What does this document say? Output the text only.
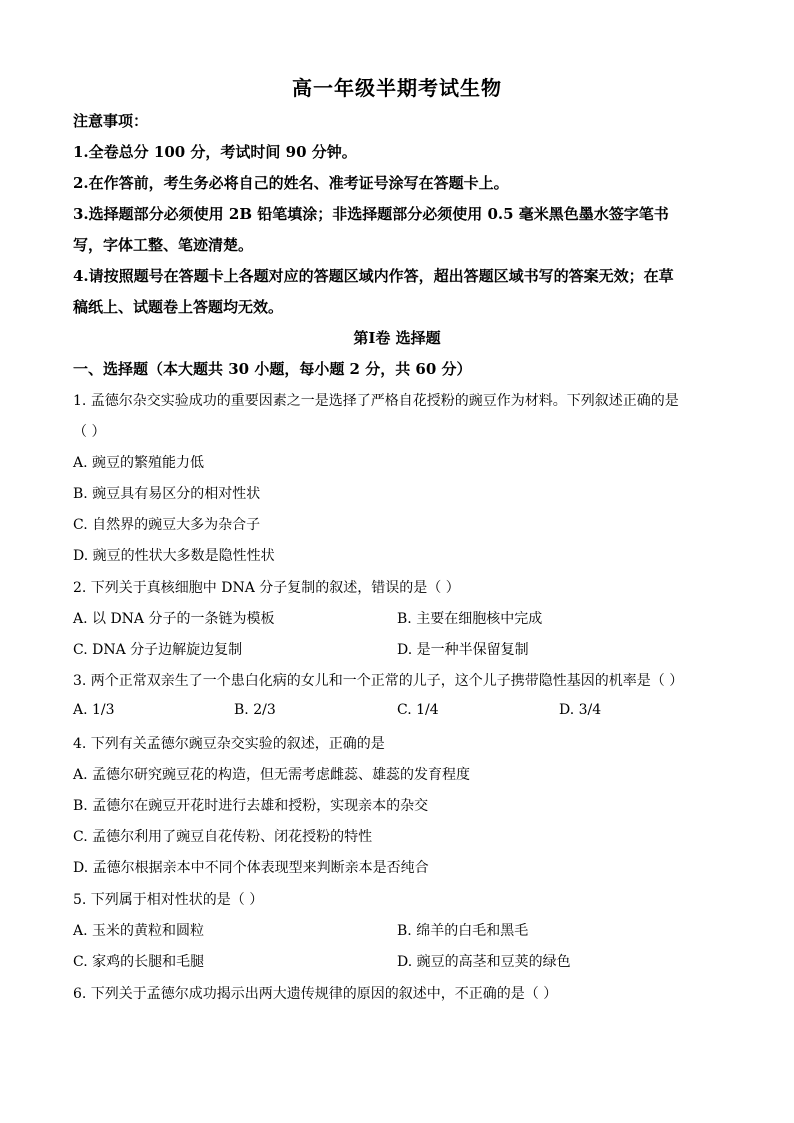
高一年级半期考试生物
注意事项：
1.全卷总分 100 分，考试时间 90 分钟。
2.在作答前，考生务必将自己的姓名、准考证号涂写在答题卡上。
3.选择题部分必须使用 2B 铅笔填涂；非选择题部分必须使用 0.5 毫米黑色墨水签字笔书
写，字体工整、笔迹清楚。
4.请按照题号在答题卡上各题对应的答题区域内作答，超出答题区域书写的答案无效；在草
稿纸上、试题卷上答题均无效。
第Ⅰ卷 选择题
一、选择题（本大题共 30 小题，每小题 2 分，共 60 分）
1. 孟德尔杂交实验成功的重要因素之一是选择了严格自花授粉的豌豆作为材料。下列叙述正确的是
（ ）
A. 豌豆的繁殖能力低
B. 豌豆具有易区分的相对性状
C. 自然界的豌豆大多为杂合子
D. 豌豆的性状大多数是隐性性状
2. 下列关于真核细胞中 DNA 分子复制的叙述，错误的是（ ）
A. 以 DNA 分子的一条链为模板	B. 主要在细胞核中完成
C. DNA 分子边解旋边复制	D. 是一种半保留复制
3. 两个正常双亲生了一个患白化病的女儿和一个正常的儿子，这个儿子携带隐性基因的机率是（ ）
A. 1/3	B. 2/3	C. 1/4	D. 3/4
4. 下列有关孟德尔豌豆杂交实验的叙述，正确的是
A. 孟德尔研究豌豆花的构造，但无需考虑雌蕊、雄蕊的发育程度
B. 孟德尔在豌豆开花时进行去雄和授粉，实现亲本的杂交
C. 孟德尔利用了豌豆自花传粉、闭花授粉的特性
D. 孟德尔根据亲本中不同个体表现型来判断亲本是否纯合
5. 下列属于相对性状的是（ ）
A. 玉米的黄粒和圆粒	B. 绵羊的白毛和黑毛
C. 家鸡的长腿和毛腿	D. 豌豆的高茎和豆荚的绿色
6. 下列关于孟德尔成功揭示出两大遗传规律的原因的叙述中，不正确的是（ ）
